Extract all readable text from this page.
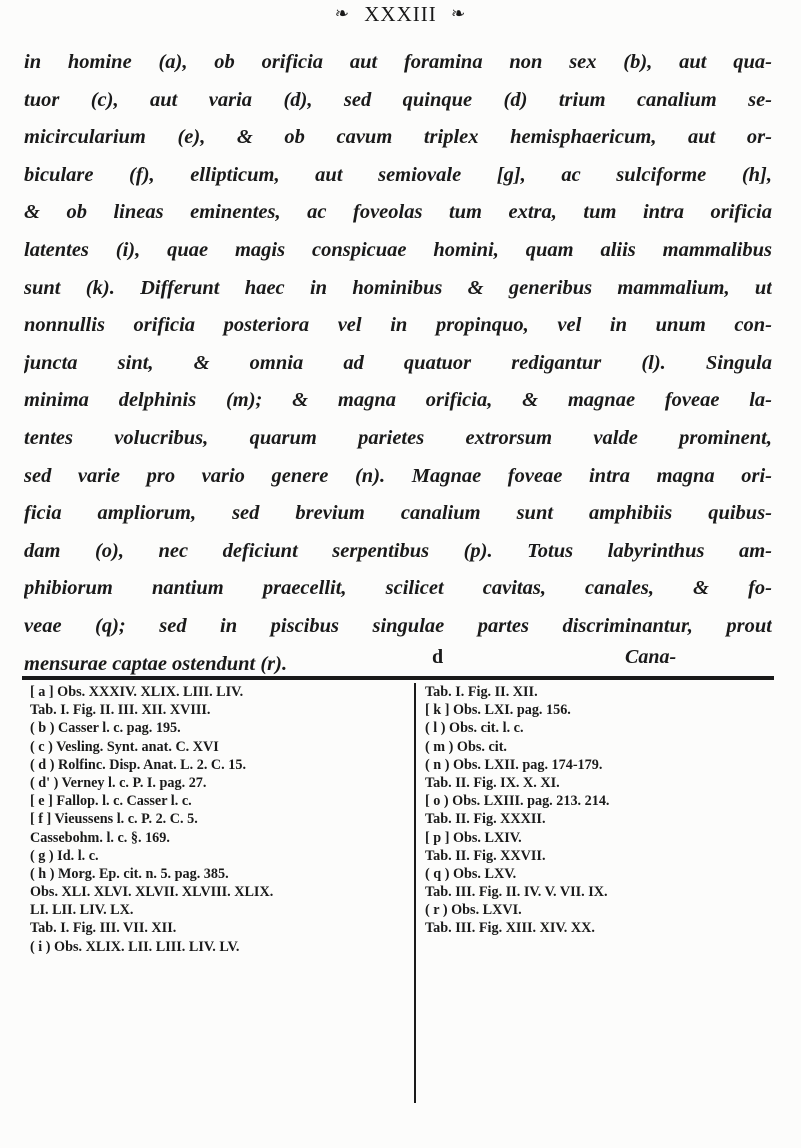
❧ XXXIII ❧
in homine (a), ob orificia aut foramina non sex (b), aut qua-
tuor (c), aut varia (d), sed quinque (d) trium canalium se-
micircularium (e), & ob cavum triplex hemisphaericum, aut or-
biculare (f), ellipticum, aut semiovale [g], ac sulciforme (h],
& ob lineas eminentes, ac foveolas tum extra, tum intra orificia
latentes (i), quae magis conspicuae homini, quam aliis mammalibus
sunt (k). Differunt haec in hominibus & generibus mammalium, ut
nonnullis orificia posteriora vel in propinquo, vel in unum con-
juncta sint, & omnia ad quatuor redigantur (l). Singula
minima delphinis (m); & magna orificia, & magnae foveae la-
tentes volucribus, quarum parietes extrorsum valde prominent,
sed varie pro vario genere (n). Magnae foveae intra magna ori-
ficia ampliorum, sed brevium canalium sunt amphibiis quibus-
dam (o), nec deficiunt serpentibus (p). Totus labyrinthus am-
phibiorum nantium praecellit, scilicet cavitas, canales, & fo-
veae (q); sed in piscibus singulae partes discriminantur, prout
mensurae captae ostendunt (r).	d	Cana-
[ a ] Obs. XXXIV. XLIX. LIII. LIV.
Tab. I. Fig. II. III. XII. XVIII.
( b ) Casser l. c. pag. 195.
( c ) Vesling. Synt. anat. C. XVI
( d ) Rolfinc. Disp. Anat. L. 2. C. 15.
( d' ) Verney l. c. P. I. pag. 27.
[ e ] Fallop. l. c. Casser l. c.
[ f ] Vieussens l. c. P. 2. C. 5.
Cassebohm. l. c. §. 169.
( g ) Id. l. c.
( h ) Morg. Ep. cit. n. 5. pag. 385.
Obs. XLI. XLVI. XLVII. XLVIII. XLIX.
LI. LII. LIV. LX.
Tab. I. Fig. III. VII. XII.
( i ) Obs. XLIX. LII. LIII. LIV. LV.
Tab. I. Fig. II. XII.
[ k ] Obs. LXI. pag. 156.
( l ) Obs. cit. l. c.
( m ) Obs. cit.
( n ) Obs. LXII. pag. 174-179.
Tab. II. Fig. IX. X. XI.
[ o ) Obs. LXIII. pag. 213. 214.
Tab. II. Fig. XXXII.
[ p ] Obs. LXIV.
Tab. II. Fig. XXVII.
( q ) Obs. LXV.
Tab. III. Fig. II. IV. V. VII. IX.
( r ) Obs. LXVI.
Tab. III. Fig. XIII. XIV. XX.
